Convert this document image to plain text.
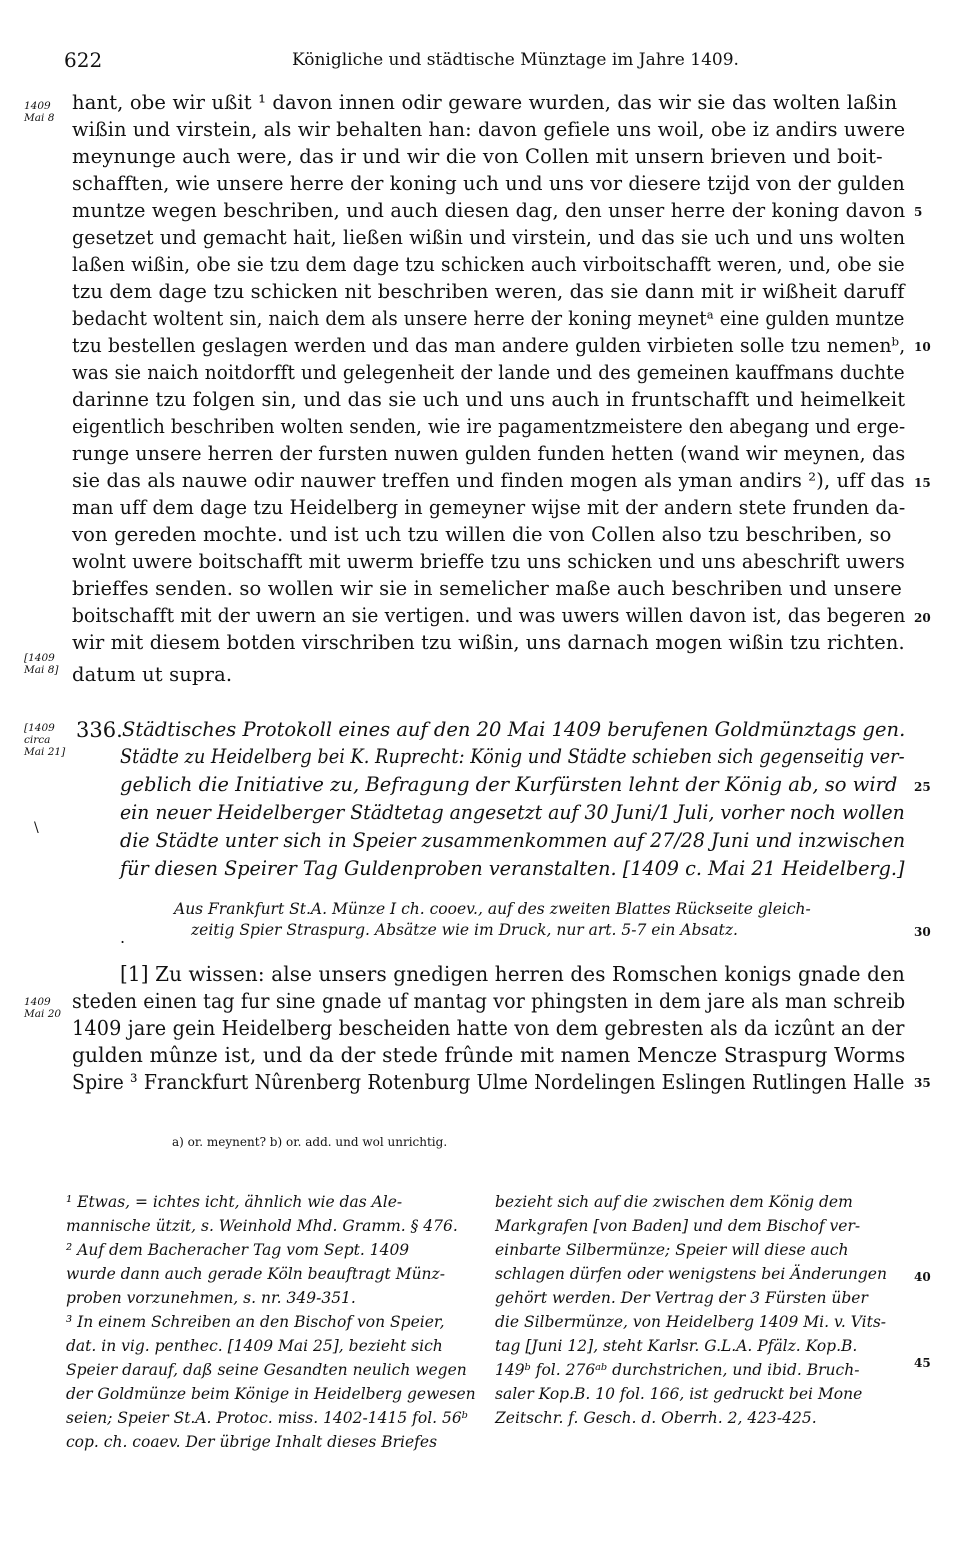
622	Königliche und städtische Münztage im Jahre 1409.
1409
Mai 8
hant, obe wir ußit ¹ davon innen odir geware wurden, das wir sie das wolten laßin
wißin und virstein, als wir behalten han: davon gefiele uns woil, obe iz andirs uwere
meynunge auch were, das ir und wir die von Collen mit unsern brieven und boit-
schafften, wie unsere herre der koning uch und uns vor diesere tzijd von der gulden
muntze wegen beschriben, und auch diesen dag, den unser herre der koning davon
gesetzet und gemacht hait, ließen wißin und virstein, und das sie uch und uns wolten
laßen wißin, obe sie tzu dem dage tzu schicken auch virboitschafft weren, und, obe sie
tzu dem dage tzu schicken nit beschriben weren, das sie dann mit ir wißheit daruff
bedacht woltent sin, naich dem als unsere herre der koning meynetᵃ eine gulden muntze
tzu bestellen geslagen werden und das man andere gulden virbieten solle tzu nemenᵇ,
was sie naich noitdorfft und gelegenheit der lande und des gemeinen kauffmans duchte
darinne tzu folgen sin, und das sie uch und uns auch in fruntschafft und heimelkeit
eigentlich beschriben wolten senden, wie ire pagamentzmeistere den abegang und erge-
runge unsere herren der fursten nuwen gulden funden hetten (wand wir meynen, das
sie das als nauwe odir nauwer treffen und finden mogen als yman andirs ²), uff das
man uff dem dage tzu Heidelberg in gemeyner wijse mit der andern stete frunden da-
von gereden mochte. und ist uch tzu willen die von Collen also tzu beschriben, so
wolnt uwere boitschafft mit uwerm brieffe tzu uns schicken und uns abeschrift uwers
brieffes senden. so wollen wir sie in semelicher maße auch beschriben und unsere
boitschafft mit der uwern an sie vertigen. und was uwers willen davon ist, das begeren
wir mit diesem botden virschriben tzu wißin, uns darnach mogen wißin tzu richten.
datum ut supra.
5
10
15
20
25
30
35
40
45
[1409
Mai 8]
[1409
circa
Mai 21]
336. Städtisches Protokoll eines auf den 20 Mai 1409 berufenen Goldmünztags gen.
Städte zu Heidelberg bei K. Ruprecht: König und Städte schieben sich gegenseitig ver-
geblich die Initiative zu, Befragung der Kurfürsten lehnt der König ab, so wird
ein neuer Heidelberger Städtetag angesetzt auf 30 Juni/1 Juli, vorher noch wollen
die Städte unter sich in Speier zusammenkommen auf 27/28 Juni und inzwischen
für diesen Speirer Tag Guldenproben veranstalten. [1409 c. Mai 21 Heidelberg.]
\
Aus Frankfurt St.A. Münze I ch. cooev., auf des zweiten Blattes Rückseite gleich-
zeitig Spier Straspurg. Absätze wie im Druck, nur art. 5-7 ein Absatz.
.
1409
Mai 20
[1] Zu wissen: alse unsers gnedigen herren des Romschen konigs gnade den
steden einen tag fur sine gnade uf mantag vor phingsten in dem jare als man schreib
1409 jare gein Heidelberg bescheiden hatte von dem gebresten als da iczûnt an der
gulden mûnze ist, und da der stede frûnde mit namen Mencze Straspurg Worms
Spire ³ Franckfurt Nûrenberg Rotenburg Ulme Nordelingen Eslingen Rutlingen Halle
a) or. meynent? b) or. add. und wol unrichtig.
¹ Etwas, = ichtes icht, ähnlich wie das Ale-
mannische ützit, s. Weinhold Mhd. Gramm. § 476.
² Auf dem Bacheracher Tag vom Sept. 1409
wurde dann auch gerade Köln beauftragt Münz-
proben vorzunehmen, s. nr. 349-351.
³ In einem Schreiben an den Bischof von Speier,
dat. in vig. penthec. [1409 Mai 25], bezieht sich
Speier darauf, daß seine Gesandten neulich wegen
der Goldmünze beim Könige in Heidelberg gewesen
seien; Speier St.A. Protoc. miss. 1402-1415 fol. 56ᵇ
cop. ch. coaev. Der übrige Inhalt dieses Briefes
bezieht sich auf die zwischen dem König dem
Markgrafen [von Baden] und dem Bischof ver-
einbarte Silbermünze; Speier will diese auch
schlagen dürfen oder wenigstens bei Änderungen
gehört werden. Der Vertrag der 3 Fürsten über
die Silbermünze, von Heidelberg 1409 Mi. v. Vits-
tag [Juni 12], steht Karlsr. G.L.A. Pfälz. Kop.B.
149ᵇ fol. 276ᵃᵇ durchstrichen, und ibid. Bruch-
saler Kop.B. 10 fol. 166, ist gedruckt bei Mone
Zeitschr. f. Gesch. d. Oberrh. 2, 423-425.
